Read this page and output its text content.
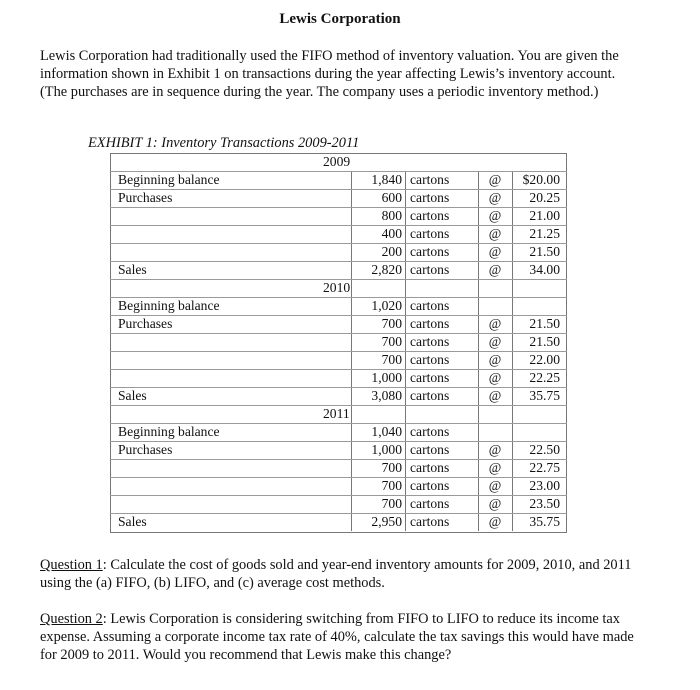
Lewis Corporation
Lewis Corporation had traditionally used the FIFO method of inventory valuation. You are given the information shown in Exhibit 1 on transactions during the year affecting Lewis’s inventory account. (The purchases are in sequence during the year. The company uses a periodic inventory method.)
EXHIBIT 1: Inventory Transactions 2009-2011
2009
Beginning balance	1,840 cartons	@	$20.00
Purchases	600 cartons	@	20.25
800 cartons	@	21.00
400 cartons	@	21.25
200 cartons	@	21.50
Sales	2,820 cartons	@	34.00
2010
Beginning balance	1,020 cartons
Purchases	700 cartons	@	21.50
700 cartons	@	21.50
700 cartons	@	22.00
1,000 cartons	@	22.25
Sales	3,080 cartons	@	35.75
2011
Beginning balance	1,040 cartons
Purchases	1,000 cartons	@	22.50
700 cartons	@	22.75
700 cartons	@	23.00
700 cartons	@	23.50
Sales	2,950 cartons	@	35.75
Question 1: Calculate the cost of goods sold and year-end inventory amounts for 2009, 2010, and 2011 using the (a) FIFO, (b) LIFO, and (c) average cost methods.
Question 2: Lewis Corporation is considering switching from FIFO to LIFO to reduce its income tax expense. Assuming a corporate income tax rate of 40%, calculate the tax savings this would have made for 2009 to 2011. Would you recommend that Lewis make this change?
